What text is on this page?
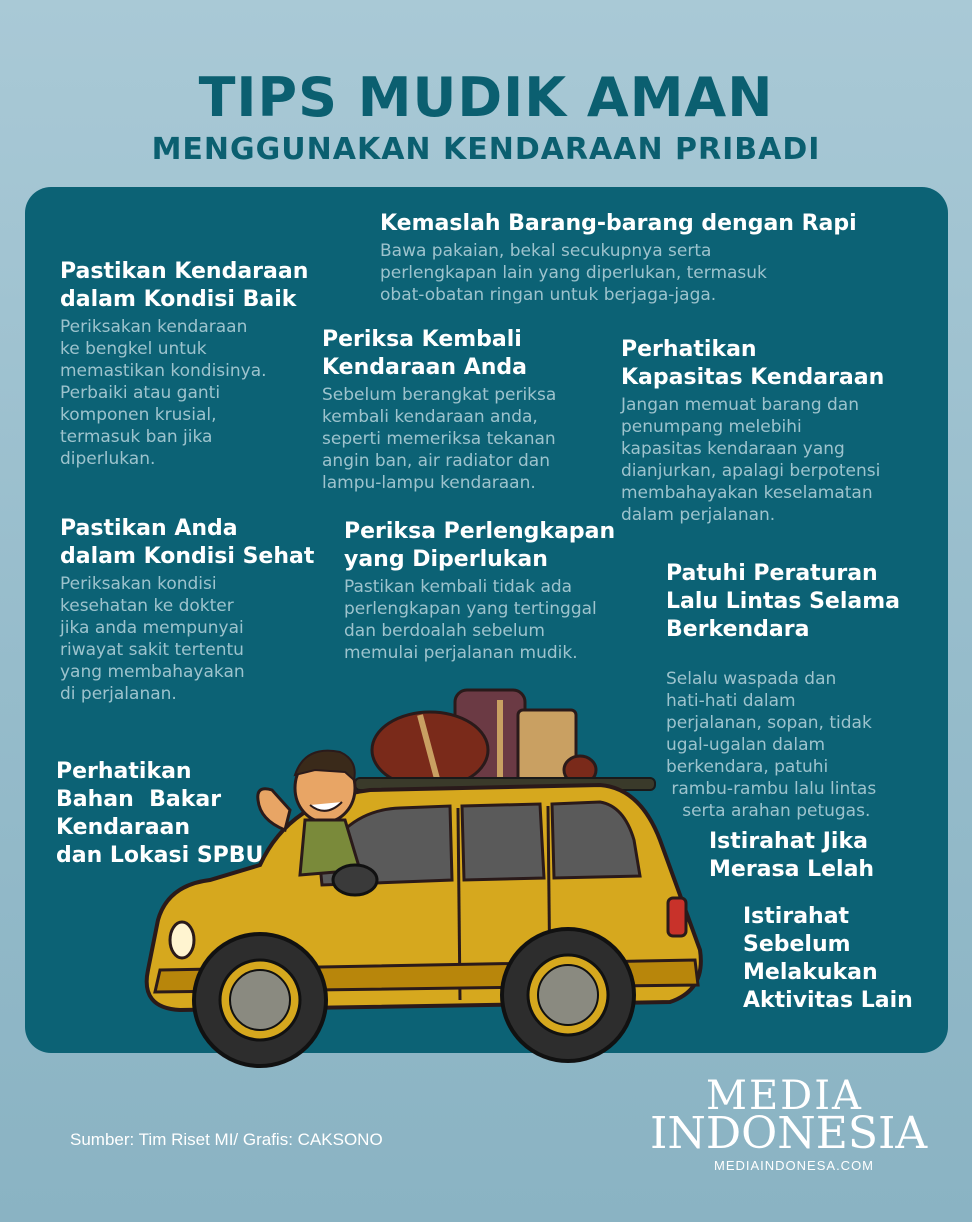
TIPS MUDIK AMAN
MENGGUNAKAN KENDARAAN PRIBADI
Kemaslah Barang-barang dengan Rapi

Bawa pakaian, bekal secukupnya serta
perlengkapan lain yang diperlukan, termasuk
obat-obatan ringan untuk berjaga-jaga.

Pastikan Kendaraan
dalam Kondisi Baik

Periksakan kendaraan
ke bengkel untuk
memastikan kondisinya.
Perbaiki atau ganti
komponen krusial,
termasuk ban jika
diperlukan.

Periksa Kembali
Kendaraan Anda

Sebelum berangkat periksa
kembali kendaraan anda,
seperti memeriksa tekanan
angin ban, air radiator dan
lampu-lampu kendaraan.

Perhatikan
Kapasitas Kendaraan

Jangan memuat barang dan
penumpang melebihi
kapasitas kendaraan yang
dianjurkan, apalagi berpotensi
membahayakan keselamatan
dalam perjalanan.

Pastikan Anda
dalam Kondisi Sehat

Periksakan kondisi
kesehatan ke dokter
jika anda mempunyai
riwayat sakit tertentu
yang membahayakan
di perjalanan.

Periksa Perlengkapan
yang Diperlukan

Pastikan kembali tidak ada
perlengkapan yang tertinggal
dan berdoalah sebelum
memulai perjalanan mudik.

Patuhi Peraturan
Lalu Lintas Selama
Berkendara

Selalu waspada dan
hati-hati dalam
perjalanan, sopan, tidak
ugal-ugalan dalam
berkendara, patuhi
rambu-rambu lalu lintas
serta arahan petugas.

Perhatikan
Bahan  Bakar
Kendaraan
dan Lokasi SPBU
Istirahat Jika
Merasa Lelah
Istirahat
Sebelum
Melakukan
Aktivitas Lain
Sumber: Tim Riset MI/ Grafis: CAKSONO
MEDIA
INDONESIA
MEDIAINDONESA.COM
